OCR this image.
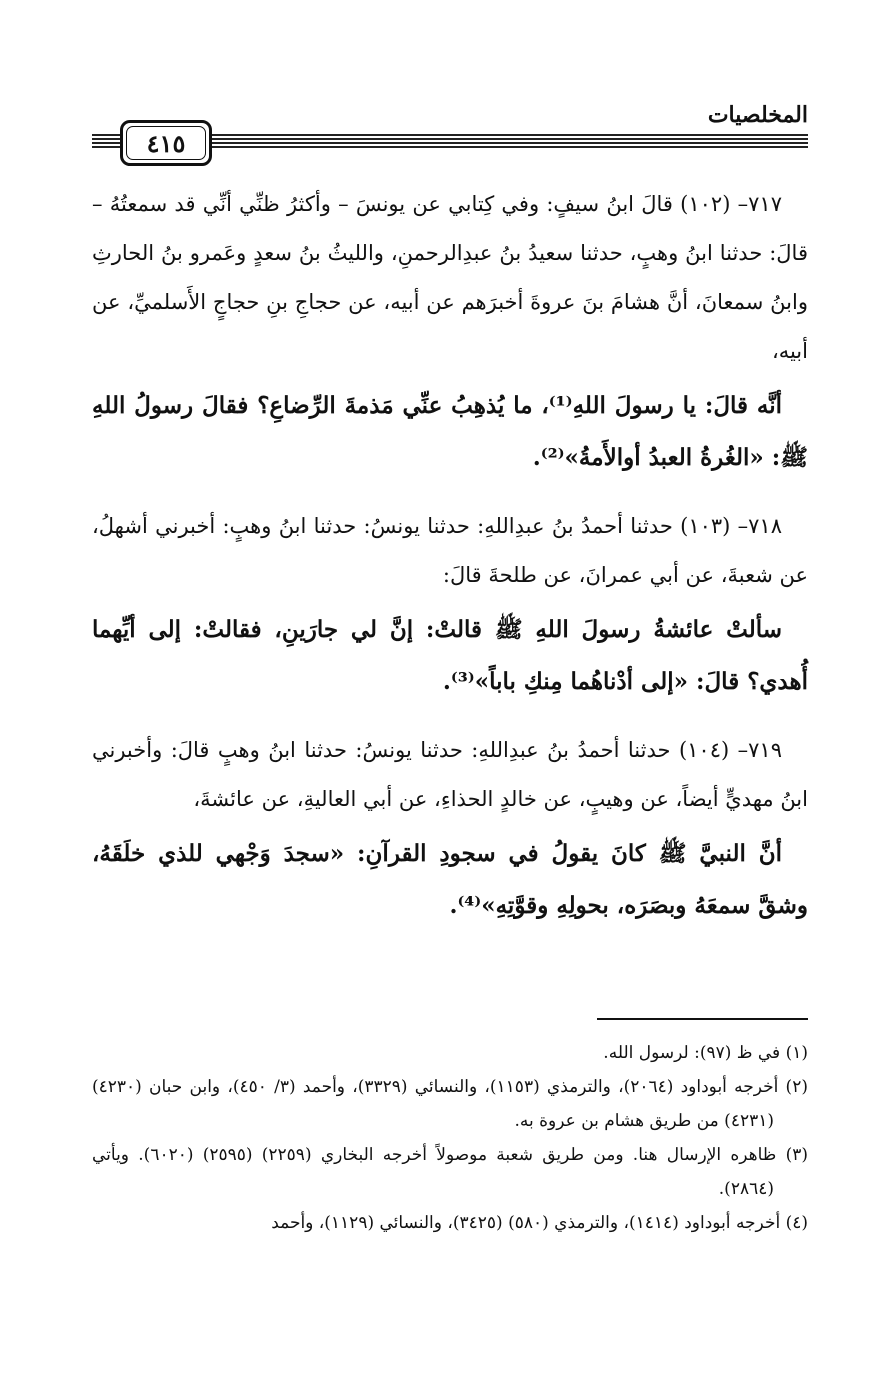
المخلصيات
٤١٥

٧١٧– (١٠٢) قالَ ابنُ سيفٍ: وفي كِتابي عن يونسَ – وأكثرُ ظنِّي أنِّي قد سمعتُهُ – قالَ: حدثنا ابنُ وهبٍ، حدثنا سعيدُ بنُ عبدِالرحمنِ، والليثُ بنُ سعدٍ وعَمرو بنُ الحارثِ وابنُ سمعانَ، أنَّ هشامَ بنَ عروةَ أخبرَهم عن أبيه، عن حجاجِ بنِ حجاجٍ الأَسلميِّ، عن أبيه،

أنَّه قالَ: يا رسولَ اللهِ⁽¹⁾، ما يُذهِبُ عنِّي مَذمةَ الرِّضاعِ؟ فقالَ رسولُ اللهِ ﷺ: «الغُرةُ العبدُ أوالأَمةُ»⁽²⁾.

٧١٨– (١٠٣) حدثنا أحمدُ بنُ عبدِاللهِ: حدثنا يونسُ: حدثنا ابنُ وهبٍ: أخبرني أشهلُ، عن شعبةَ، عن أبي عمرانَ، عن طلحةَ قالَ:

سألتْ عائشةُ رسولَ اللهِ ﷺ قالتْ: إنَّ لي جارَينِ، فقالتْ: إلى أيِّهما أُهدي؟ قالَ: «إلى أدْناهُما مِنكِ باباً»⁽³⁾.

٧١٩– (١٠٤) حدثنا أحمدُ بنُ عبدِاللهِ: حدثنا يونسُ: حدثنا ابنُ وهبٍ قالَ: وأخبرني ابنُ مهديٍّ أيضاً، عن وهيبٍ، عن خالدٍ الحذاءِ، عن أبي العاليةِ، عن عائشةَ،

أنَّ النبيَّ ﷺ كانَ يقولُ في سجودِ القرآنِ: «سجدَ وَجْهي للذي خلَقَهُ، وشقَّ سمعَهُ وبصَرَه، بحولِهِ وقوَّتِهِ»⁽⁴⁾.

(١) في ظ (٩٧): لرسول الله.

(٢) أخرجه أبوداود (٢٠٦٤)، والترمذي (١١٥٣)، والنسائي (٣٣٢٩)، وأحمد (٣/ ٤٥٠)، وابن حبان (٤٢٣٠) (٤٢٣١) من طريق هشام بن عروة به.

(٣) ظاهره الإرسال هنا. ومن طريق شعبة موصولاً أخرجه البخاري (٢٢٥٩) (٢٥٩٥) (٦٠٢٠). ويأتي (٢٨٦٤).

(٤) أخرجه أبوداود (١٤١٤)، والترمذي (٥٨٠) (٣٤٢٥)، والنسائي (١١٢٩)، وأحمد
